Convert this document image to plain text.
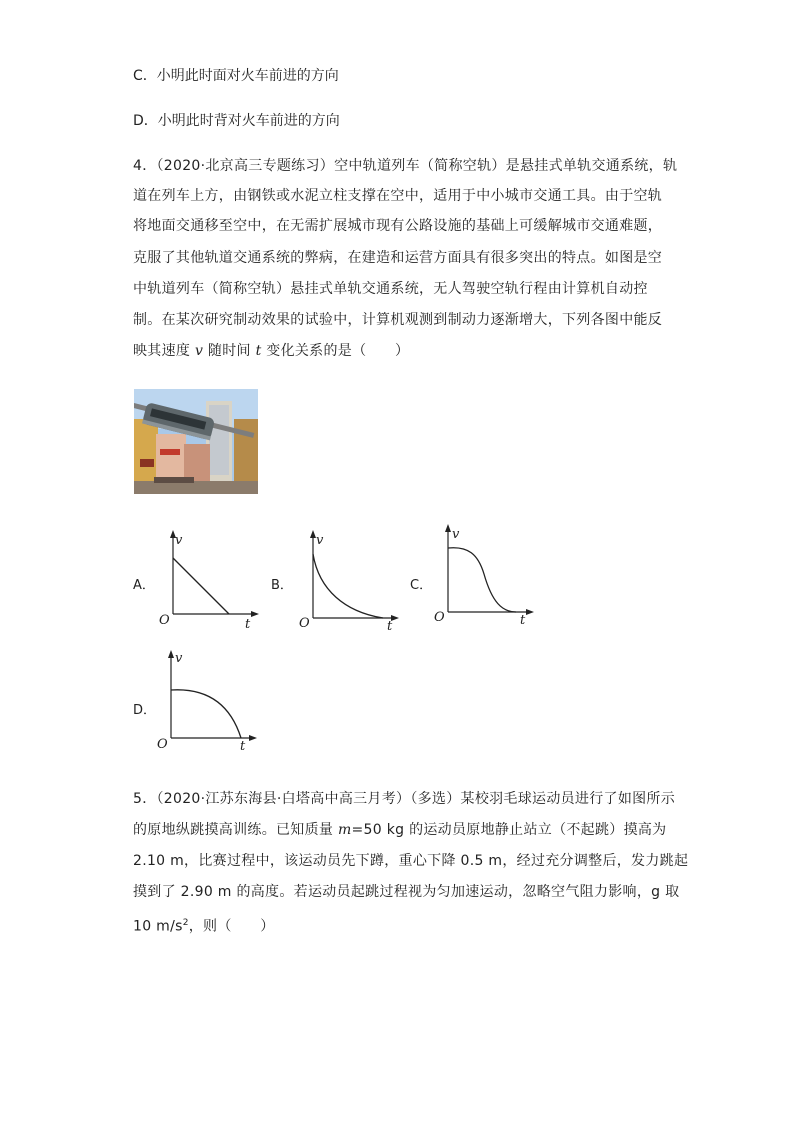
C．小明此时面对火车前进的方向
D．小明此时背对火车前进的方向
4．（2020·北京高三专题练习）空中轨道列车（简称空轨）是悬挂式单轨交通系统，轨
道在列车上方，由钢铁或水泥立柱支撑在空中，适用于中小城市交通工具。由于空轨
将地面交通移至空中，在无需扩展城市现有公路设施的基础上可缓解城市交通难题，
克服了其他轨道交通系统的弊病，在建造和运营方面具有很多突出的特点。如图是空
中轨道列车（简称空轨）悬挂式单轨交通系统，无人驾驶空轨行程由计算机自动控
制。在某次研究制动效果的试验中，计算机观测到制动力逐渐增大，下列各图中能反
映其速度 v 随时间 t 变化关系的是（　　）
A．
v
O	t
B．
v
O	t
C．
v
O	t
D．
v
O	t
5．（2020·江苏东海县·白塔高中高三月考）（多选）某校羽毛球运动员进行了如图所示
的原地纵跳摸高训练。已知质量 m=50 kg 的运动员原地静止站立（不起跳）摸高为
2.10 m，比赛过程中，该运动员先下蹲，重心下降 0.5 m，经过充分调整后，发力跳起
摸到了 2.90 m 的高度。若运动员起跳过程视为匀加速运动，忽略空气阻力影响，g 取
10 $m/s^2$，则（　　）
